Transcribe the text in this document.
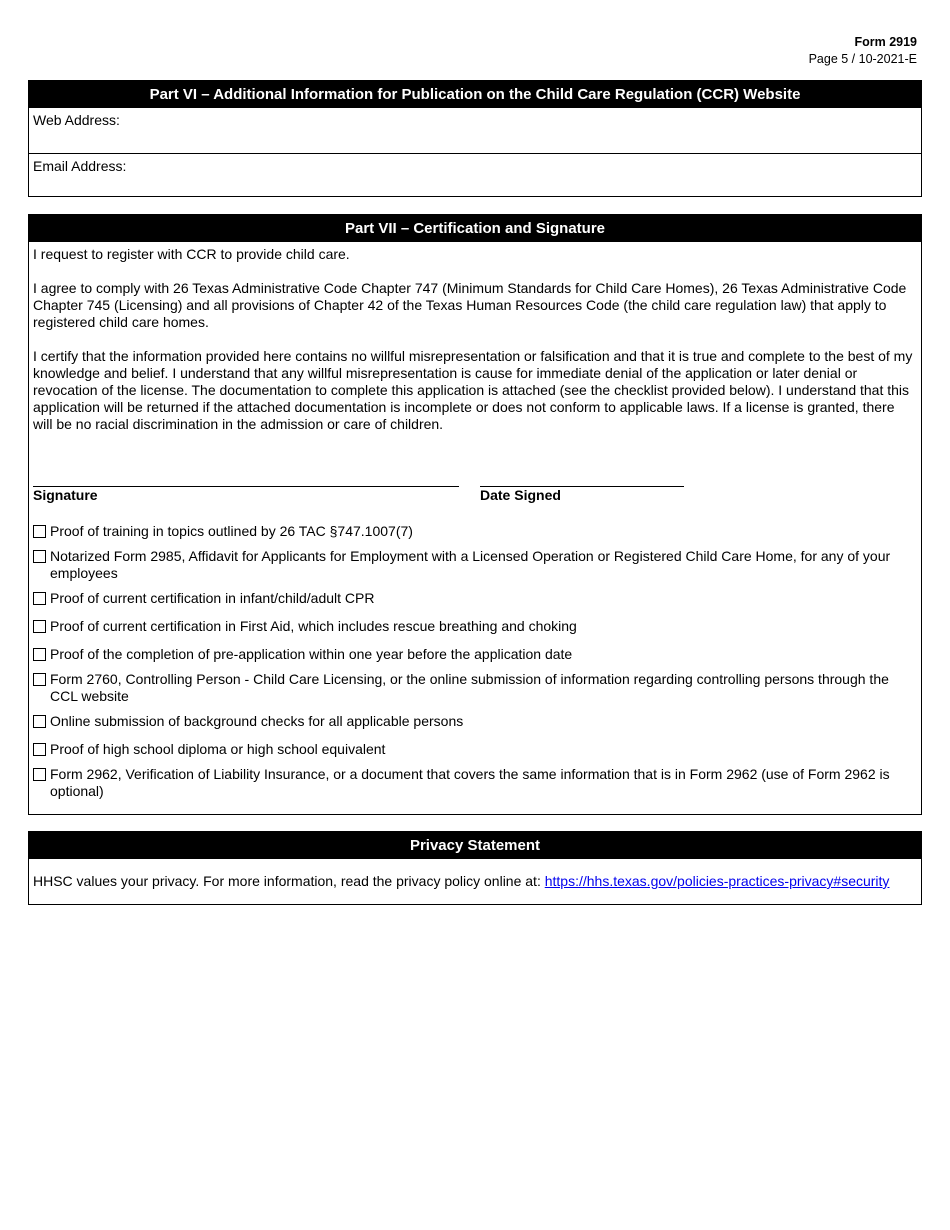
Form 2919
Page 5 / 10-2021-E
Part VI – Additional Information for Publication on the Child Care Regulation (CCR) Website
Web Address:
Email Address:
Part VII – Certification and Signature

I request to register with CCR to provide child care.

I agree to comply with 26 Texas Administrative Code Chapter 747 (Minimum Standards for Child Care Homes), 26 Texas Administrative Code Chapter 745 (Licensing) and all provisions of Chapter 42 of the Texas Human Resources Code (the child care regulation law) that apply to registered child care homes.

I certify that the information provided here contains no willful misrepresentation or falsification and that it is true and complete to the best of my knowledge and belief. I understand that any willful misrepresentation is cause for immediate denial of the application or later denial or revocation of the license. The documentation to complete this application is attached (see the checklist provided below). I understand that this application will be returned if the attached documentation is incomplete or does not conform to applicable laws. If a license is granted, there will be no racial discrimination in the admission or care of children.

Signature	Date Signed
Proof of training in topics outlined by 26 TAC §747.1007(7)
Notarized Form 2985, Affidavit for Applicants for Employment with a Licensed Operation or Registered Child Care Home, for any of your employees
Proof of current certification in infant/child/adult CPR
Proof of current certification in First Aid, which includes rescue breathing and choking
Proof of the completion of pre-application within one year before the application date
Form 2760, Controlling Person - Child Care Licensing, or the online submission of information regarding controlling persons through the CCL website
Online submission of background checks for all applicable persons
Proof of high school diploma or high school equivalent
Form 2962, Verification of Liability Insurance, or a document that covers the same information that is in Form 2962 (use of Form 2962 is optional)
Privacy Statement
HHSC values your privacy. For more information, read the privacy policy online at: https://hhs.texas.gov/policies-practices-privacy#security
